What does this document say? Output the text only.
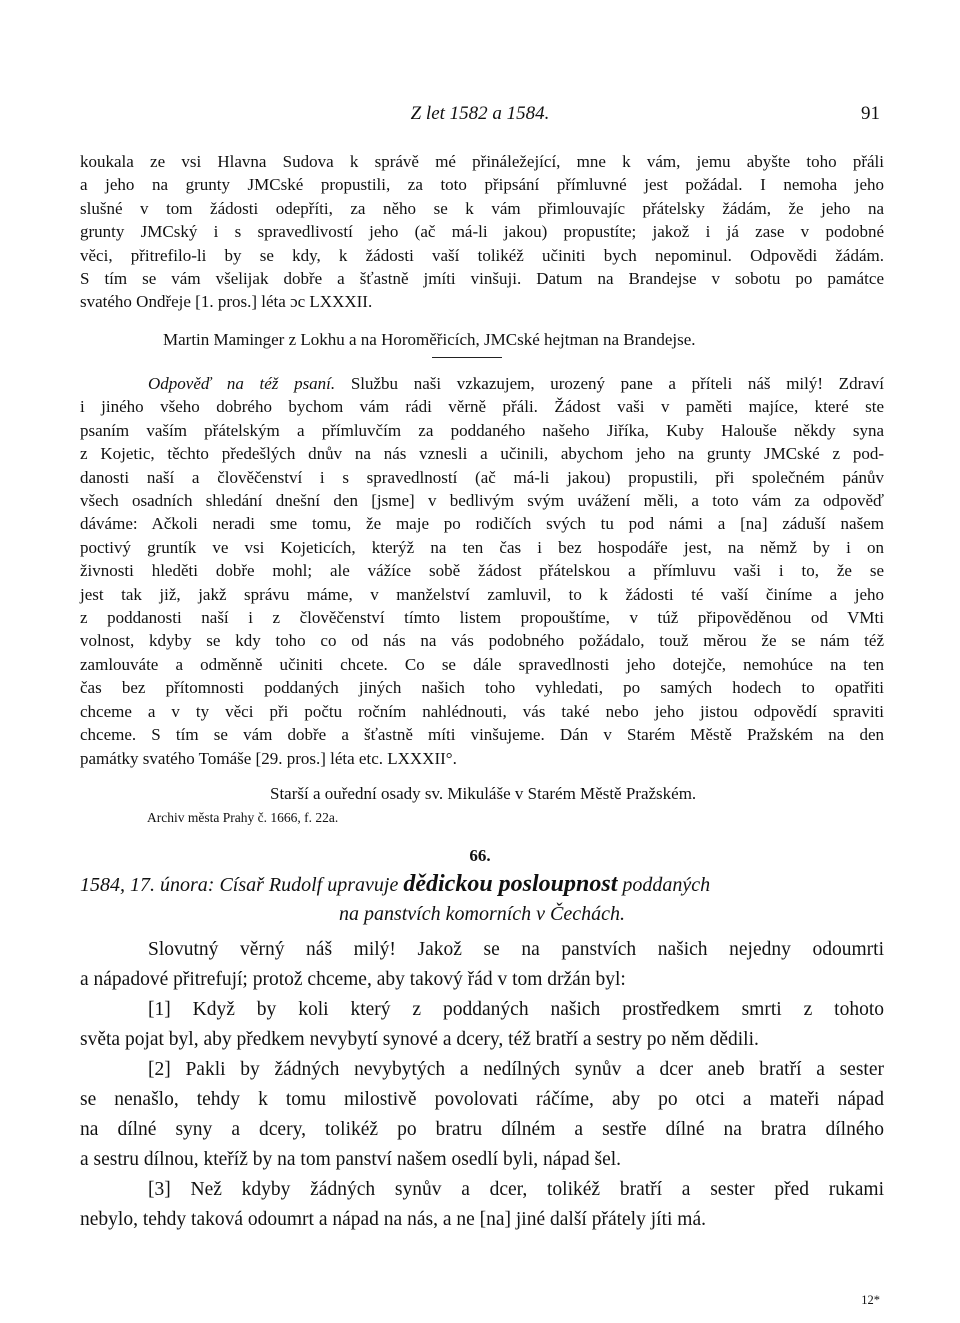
Z let 1582 a 1584.	91

koukala ze vsi Hlavna Sudova k správě mé přináležející, mne k vám, jemu abyšte toho přáli

a jeho na grunty JMCské propustili, za toto připsání přímluvné jest požádal. I nemoha jeho

slušné v tom žádosti odepříti, za něho se k vám přimlouvajíc přátelsky žádám, že jeho na

grunty JMCský i s spravedlivostí jeho (ač má-li jakou) propustíte; jakož i já zase v podobné

věci, přitrefilo-li by se kdy, k žádosti vaší tolikéž učiniti bych nepominul. Odpovědi žádám.

S tím se vám všelijak dobře a šťastně jmíti vinšuji. Datum na Brandejse v sobotu po památce

svatého Ondřeje [1. pros.] léta ɔc LXXXII.

Martin Maminger z Lokhu a na Horoměřicích, JMCské hejtman na Brandejse.

Odpověď na též psaní. Službu naši vzkazujem, urozený pane a příteli náš milý! Zdraví

i jiného všeho dobrého bychom vám rádi věrně přáli. Žádost vaši v paměti majíce, které ste

psaním vaším přátelským a přímluvčím za poddaného našeho Jiříka, Kuby Halouše někdy syna

z Kojetic, těchto předešlých dnův na nás vznesli a učinili, abychom jeho na grunty JMCské z pod-

danosti naší a člověčenství i s spravedlností (ač má-li jakou) propustili, při společném pánův

všech osadních shledání dnešní den [jsme] v bedlivým svým uvážení měli, a toto vám za odpověď

dáváme: Ačkoli neradi sme tomu, že maje po rodičích svých tu pod námi a [na] záduší našem

poctivý gruntík ve vsi Kojeticích, kterýž na ten čas i bez hospodáře jest, na němž by i on

živnosti hleděti dobře mohl; ale vážíce sobě žádost přátelskou a přímluvu vaši i to, že se

jest tak již, jakž správu máme, v manželství zamluvil, to k žádosti té vaší činíme a jeho

z poddanosti naší i z člověčenství tímto listem propouštíme, v túž připověděnou od VMti

volnost, kdyby se kdy toho co od nás na vás podobného požádalo, touž měrou že se nám též

zamlouváte a odměnně učiniti chcete. Co se dále spravedlnosti jeho dotejče, nemohúce na ten

čas bez přítomnosti poddaných jiných našich toho vyhledati, po samých hodech to opatřiti

chceme a v ty věci při počtu ročním nahlédnouti, vás také nebo jeho jistou odpovědí spraviti

chceme. S tím se vám dobře a šťastně míti vinšujeme. Dán v Starém Městě Pražském na den

památky svatého Tomáše [29. pros.] léta etc. LXXXII°.

Starší a ouřední osady sv. Mikuláše v Starém Městě Pražském.

Archiv města Prahy č. 1666, f. 22a.
66.
1584, 17. února: Císař Rudolf upravuje dědickou posloupnost poddaných
na panstvích komorních v Čechách.

Slovutný věrný náš milý! Jakož se na panstvích našich nejedny odoumrti

a nápadové přitrefují; protož chceme, aby takový řád v tom držán byl:

[1] Když by koli který z poddaných našich prostředkem smrti z tohoto

světa pojat byl, aby předkem nevybytí synové a dcery, též bratří a sestry po něm dědili.

[2] Pakli by žádných nevybytých a nedílných synův a dcer aneb bratří a sester

se nenašlo, tehdy k tomu milostivě povolovati ráčíme, aby po otci a mateři nápad

na dílné syny a dcery, tolikéž po bratru dílném a sestře dílné na bratra dílného

a sestru dílnou, kteříž by na tom panství našem osedlí byli, nápad šel.

[3] Než kdyby žádných synův a dcer, tolikéž bratří a sester před rukami

nebylo, tehdy taková odoumrt a nápad na nás, a ne [na] jiné další přátely jíti má.

12*
